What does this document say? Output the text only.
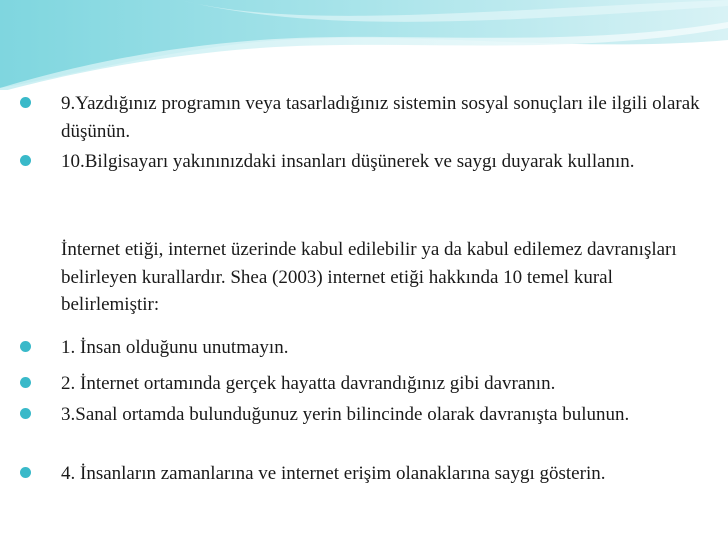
9.Yazdığınız programın veya tasarladığınız sistemin sosyal sonuçları ile ilgili olarak düşünün.
10.Bilgisayarı yakınınızdaki insanları düşünerek ve saygı duyarak kullanın.
İnternet etiği, internet üzerinde kabul edilebilir ya da kabul edilemez davranışları belirleyen kurallardır. Shea (2003) internet etiği hakkında 10 temel kural belirlemiştir:
1. İnsan olduğunu unutmayın.
2. İnternet ortamında gerçek hayatta davrandığınız gibi davranın.
3.Sanal ortamda bulunduğunuz yerin bilincinde olarak davranışta bulunun.
4. İnsanların zamanlarına ve internet erişim olanaklarına saygı gösterin.
